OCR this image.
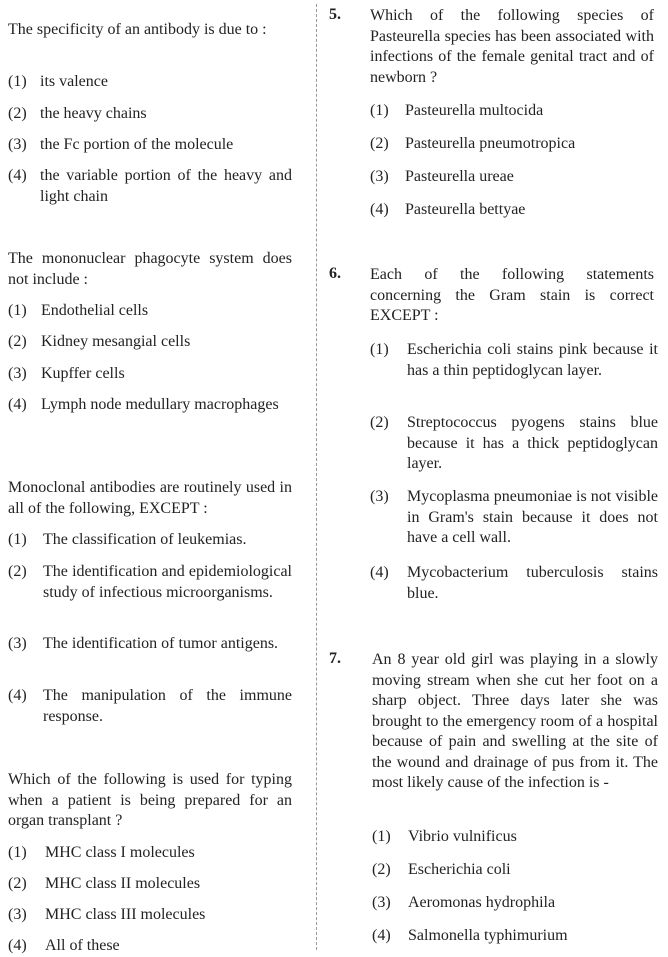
The specificity of an antibody is due to :
(1) its valence
(2) the heavy chains
(3) the Fc portion of the molecule
(4) the variable portion of the heavy and light chain
The mononuclear phagocyte system does not include :
(1) Endothelial cells
(2) Kidney mesangial cells
(3) Kupffer cells
(4) Lymph node medullary macrophages
Monoclonal antibodies are routinely used in all of the following, EXCEPT :
(1)	The classification of leukemias.
(2)	The identification and epidemiological study of infectious microorganisms.
(3)	The identification of tumor antigens.
(4)	The manipulation of the immune response.
Which of the following is used for typing when a patient is being prepared for an organ transplant ?
(1)	MHC class I molecules
(2)	MHC class II molecules
(3)	MHC class III molecules
(4)	All of these
5. Which of the following species of Pasteurella species has been associated with infections of the female genital tract and of newborn ?
(1)	Pasteurella multocida
(2)	Pasteurella pneumotropica
(3)	Pasteurella ureae
(4)	Pasteurella bettyae
6. Each of the following statements concerning the Gram stain is correct EXCEPT :
(1)	Escherichia coli stains pink because it has a thin peptidoglycan layer.
(2)	Streptococcus pyogens stains blue because it has a thick peptidoglycan layer.
(3)	Mycoplasma pneumoniae is not visible in Gram's stain because it does not have a cell wall.
(4)	Mycobacterium tuberculosis stains blue.
7. An 8 year old girl was playing in a slowly moving stream when she cut her foot on a sharp object. Three days later she was brought to the emergency room of a hospital because of pain and swelling at the site of the wound and drainage of pus from it. The most likely cause of the infection is -
(1)	Vibrio vulnificus
(2)	Escherichia coli
(3)	Aeromonas hydrophila
(4)	Salmonella typhimurium
